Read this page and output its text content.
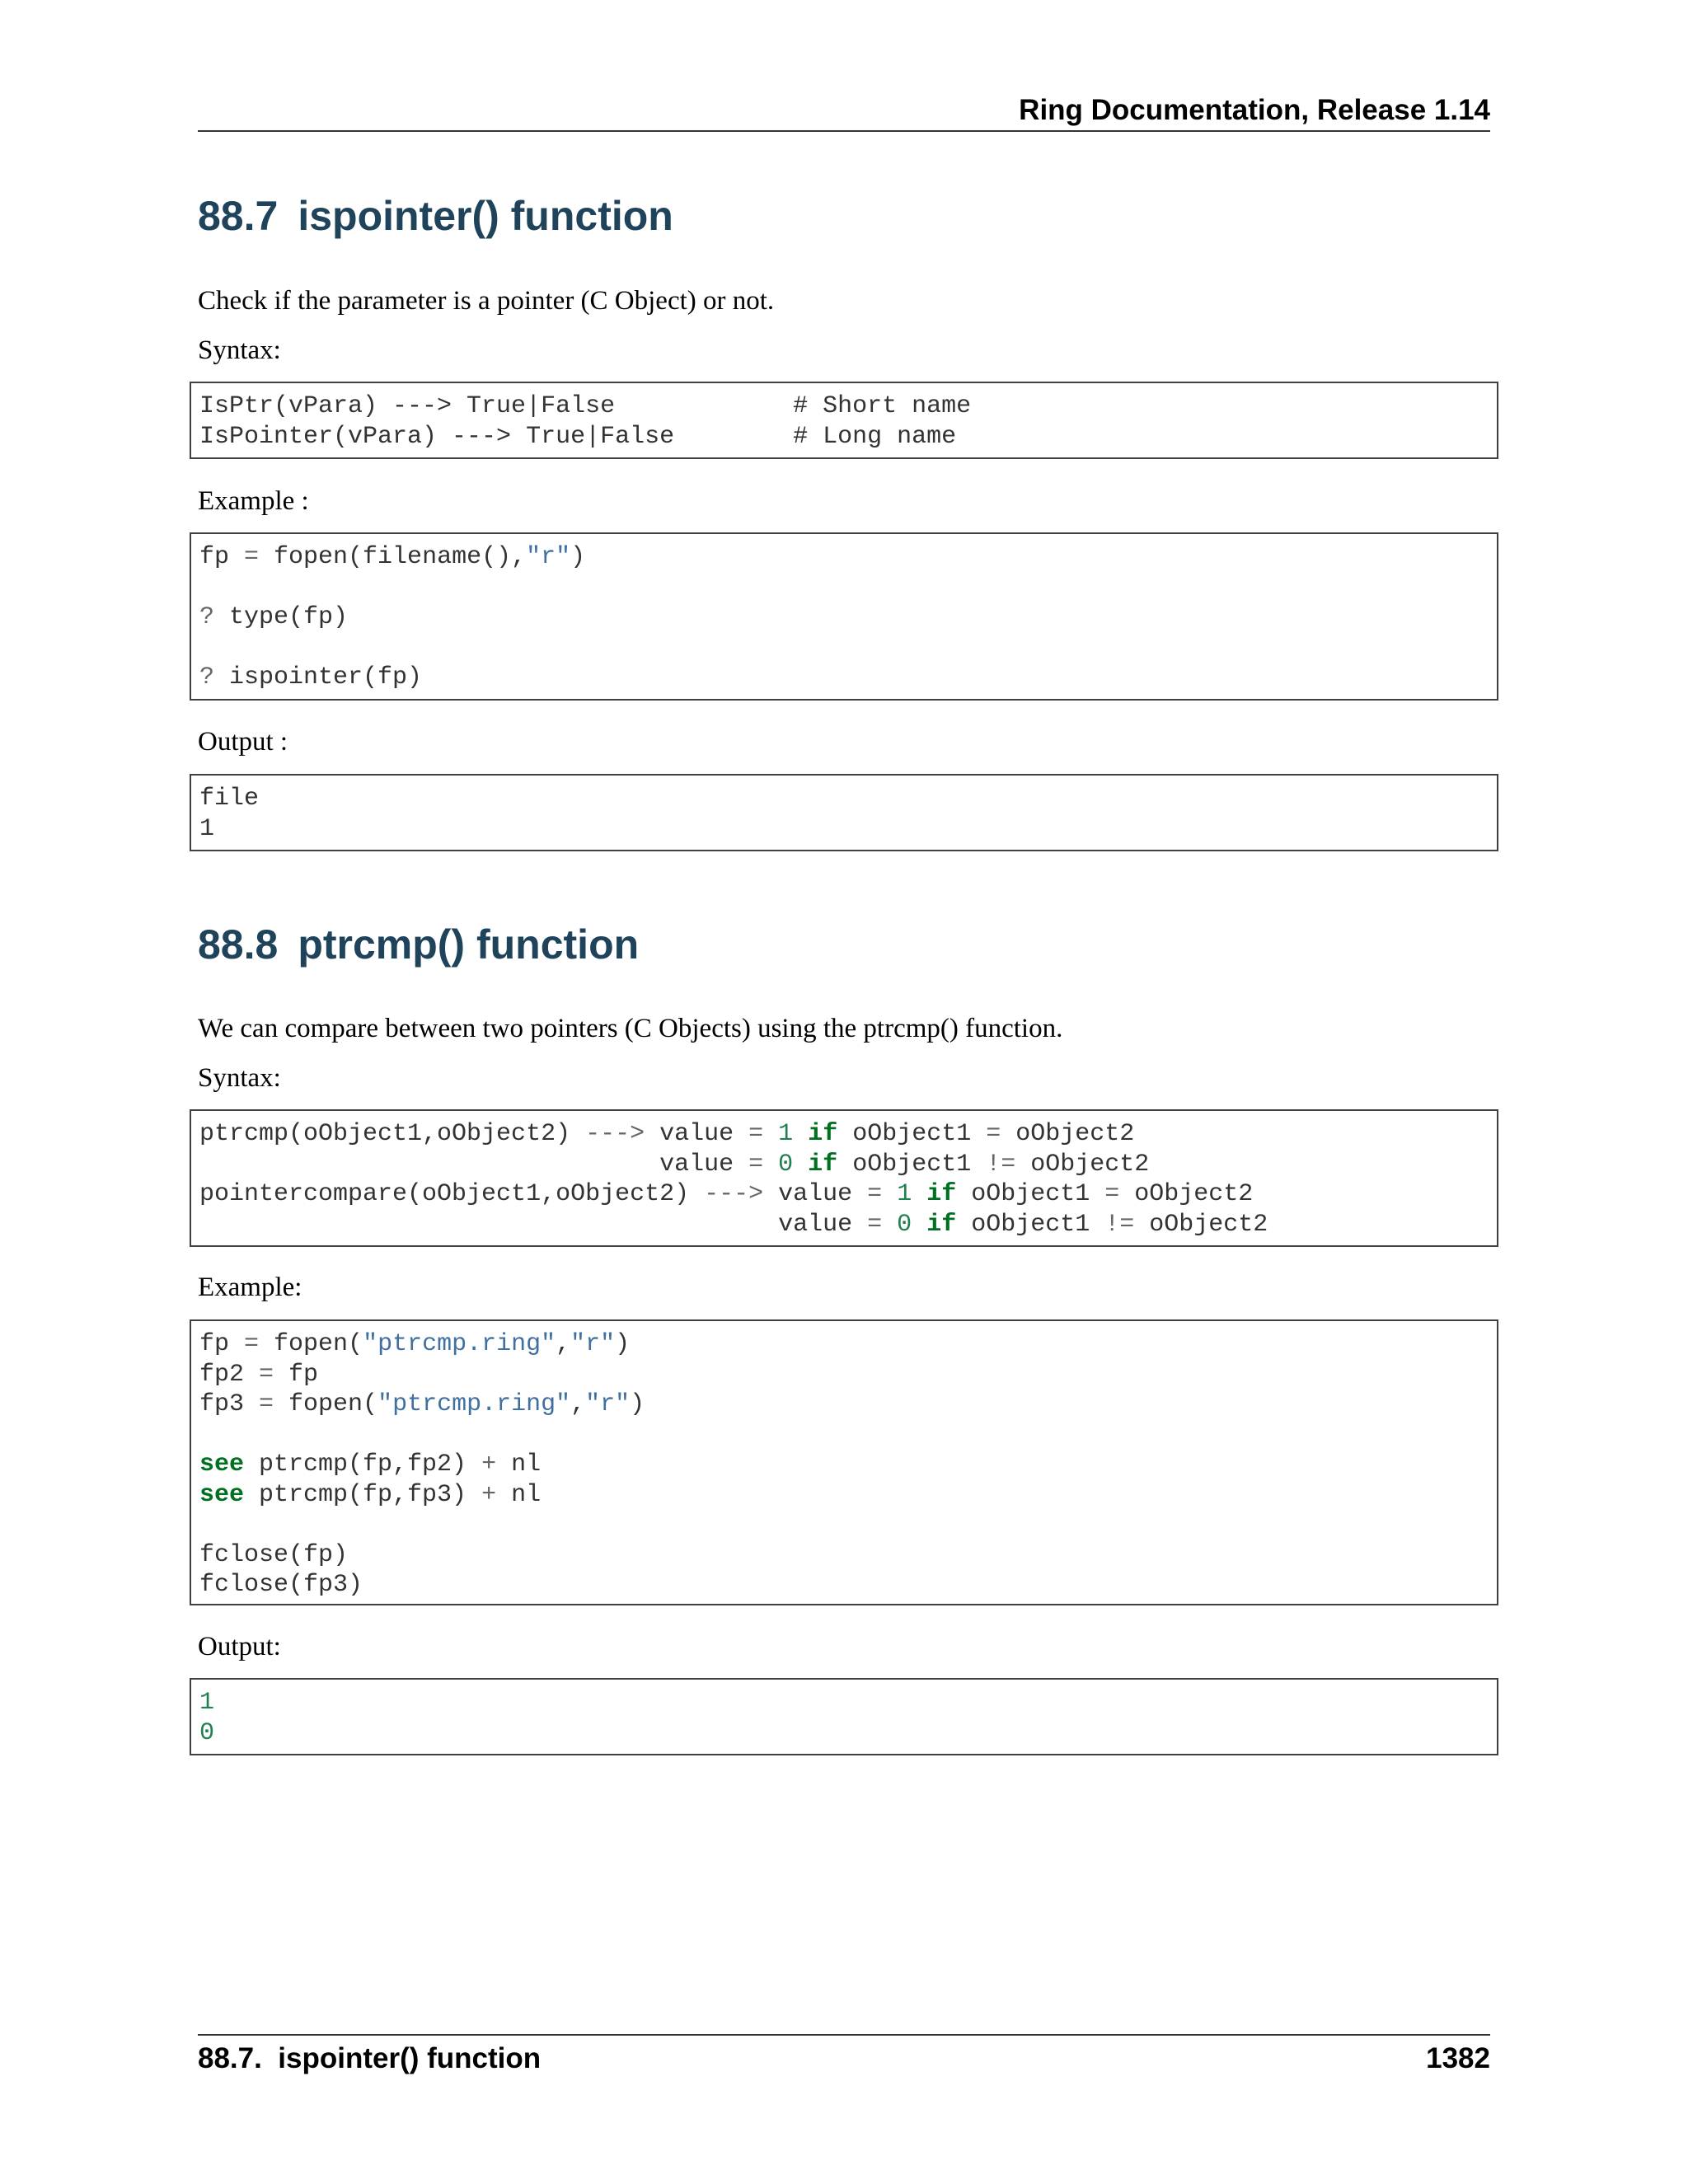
Ring Documentation, Release 1.14
88.7 ispointer() function

Check if the parameter is a pointer (C Object) or not.

Syntax:

IsPtr(vPara) ---> True|False            # Short name
IsPointer(vPara) ---> True|False        # Long name

Example :

fp = fopen(filename(),"r")

? type(fp)

? ispointer(fp)

Output :

file
1
88.8 ptrcmp() function

We can compare between two pointers (C Objects) using the ptrcmp() function.

Syntax:

ptrcmp(oObject1,oObject2) ---> value = 1 if oObject1 = oObject2
value = 0 if oObject1 != oObject2
pointercompare(oObject1,oObject2) ---> value = 1 if oObject1 = oObject2
value = 0 if oObject1 != oObject2

Example:

fp = fopen("ptrcmp.ring","r")
fp2 = fp
fp3 = fopen("ptrcmp.ring","r")

see ptrcmp(fp,fp2) + nl
see ptrcmp(fp,fp3) + nl

fclose(fp)
fclose(fp3)

Output:

1
0
88.7.  ispointer() function	1382
